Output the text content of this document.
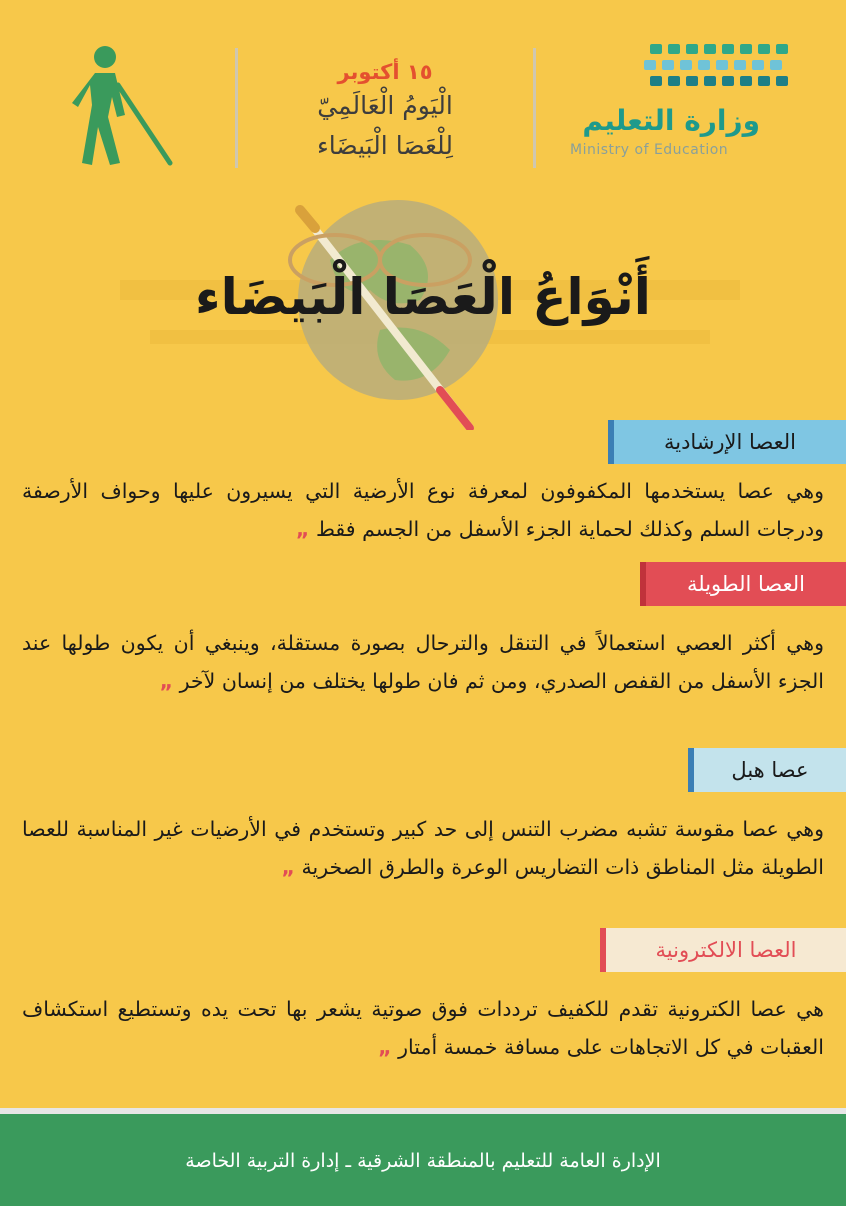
١٥ أكتوبر
الْيَومُ الْعَالَمِيّ
لِلْعَصَا الْبَيضَاء
وزارة التعليم
Ministry of Education
أَنْوَاعُ الْعَصَا الْبَيضَاء
العصا الإرشادية
وهي عصا يستخدمها المكفوفون لمعرفة نوع الأرضية التي يسيرون عليها وحواف الأرصفة ودرجات السلم وكذلك لحماية الجزء الأسفل من الجسم فقط „
العصا الطويلة
وهي أكثر العصي استعمالاً في التنقل والترحال بصورة مستقلة، وينبغي أن يكون طولها عند الجزء الأسفل من القفص الصدري، ومن ثم فان طولها يختلف من إنسان لآخر „
عصا هبل
وهي عصا مقوسة تشبه مضرب التنس إلى حد كبير وتستخدم في الأرضيات غير المناسبة للعصا الطويلة مثل المناطق ذات التضاريس الوعرة والطرق الصخرية „
العصا الالكترونية
هي عصا الكترونية تقدم للكفيف ترددات فوق صوتية يشعر بها تحت يده وتستطيع استكشاف العقبات في كل الاتجاهات على مسافة خمسة أمتار „
الإدارة العامة للتعليم بالمنطقة الشرقية ـ إدارة التربية الخاصة
